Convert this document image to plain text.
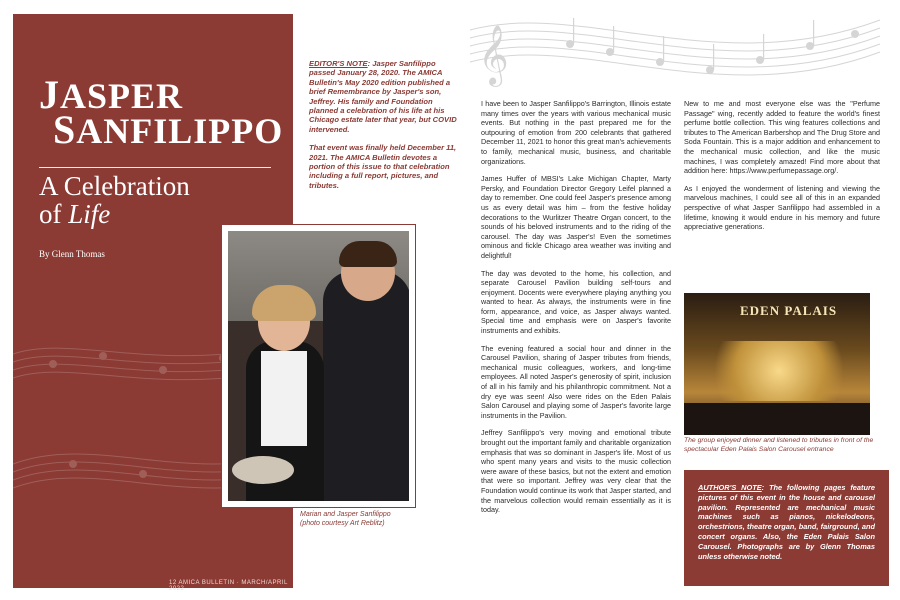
JASPER
SANFILIPPO
A Celebration
of Life
By Glenn Thomas
12 AMICA BULLETIN · MARCH/APRIL 2022

EDITOR'S NOTE: Jasper Sanfilippo passed January 28, 2020. The AMICA Bulletin's May 2020 edition published a brief Remembrance by Jasper's son, Jeffrey. His family and Foundation planned a celebration of his life at his Chicago estate later that year, but COVID intervened.

That event was finally held December 11, 2021. The AMICA Bulletin devotes a portion of this issue to that celebration including a full report, pictures, and tributes.

Marian and Jasper Sanfilippo
(photo courtesy Art Reblitz)
𝄞

I have been to Jasper Sanfilippo's Barrington, Illinois estate many times over the years with various mechanical music events. But nothing in the past prepared me for the outpouring of emotion from 200 celebrants that gathered December 11, 2021 to honor this great man's achievements to family, mechanical music, business, and charitable organizations.

James Huffer of MBSI's Lake Michigan Chapter, Marty Persky, and Foundation Director Gregory Leifel planned a day to remember. One could feel Jasper's presence among us as every detail was him – from the festive holiday decorations to the Wurlitzer Theatre Organ concert, to the sounds of his beloved instruments and to the riding of the carousel. The day was Jasper's! Even the sometimes ominous and fickle Chicago area weather was inviting and delightful!

The day was devoted to the home, his collection, and separate Carousel Pavilion building self-tours and enjoyment. Docents were everywhere playing anything you wanted to hear. As always, the instruments were in fine form, appearance, and voice, as Jasper always wanted. Special time and emphasis were on Jasper's favorite instruments and exhibits.

The evening featured a social hour and dinner in the Carousel Pavilion, sharing of Jasper tributes from friends, mechanical music colleagues, workers, and long-time employees. All noted Jasper's generosity of spirit, inclusion of all in his family and his philanthropic commitment. Not a dry eye was seen! Also were rides on the Eden Palais Salon Carousel and playing some of Jasper's favorite large instruments in the Pavilion.

Jeffrey Sanfilippo's very moving and emotional tribute brought out the important family and charitable organization emphasis that was so dominant in Jasper's life. Most of us who spent many years and visits to the music collection were aware of these basics, but not the extent and emotion that were so important. Jeffrey was very clear that the Foundation would continue its work that Jasper started, and the marvelous collection would remain essentially as it is today.

New to me and most everyone else was the "Perfume Passage" wing, recently added to feature the world's finest perfume bottle collection. This wing features collections and tributes to The American Barbershop and The Drug Store and Soda Fountain. This is a major addition and enhancement to the mechanical music collection, and like the music machines, I was completely amazed! Find more about that addition here: https://www.perfumepassage.org/.

As I enjoyed the wonderment of listening and viewing the marvelous machines, I could see all of this in an expanded perspective of what Jasper Sanfilippo had assembled in a lifetime, knowing it would endure in his memory and future appreciative generations.

EDEN PALAIS
The group enjoyed dinner and listened to tributes in front of the spectacular Eden Palais Salon Carousel entrance
AUTHOR'S NOTE: The following pages feature pictures of this event in the house and carousel pavilion. Represented are mechanical music machines such as pianos, nickelodeons, orchestrions, theatre organ, band, fairground, and concert organs. Also, the Eden Palais Salon Carousel. Photographs are by Glenn Thomas unless otherwise noted.
